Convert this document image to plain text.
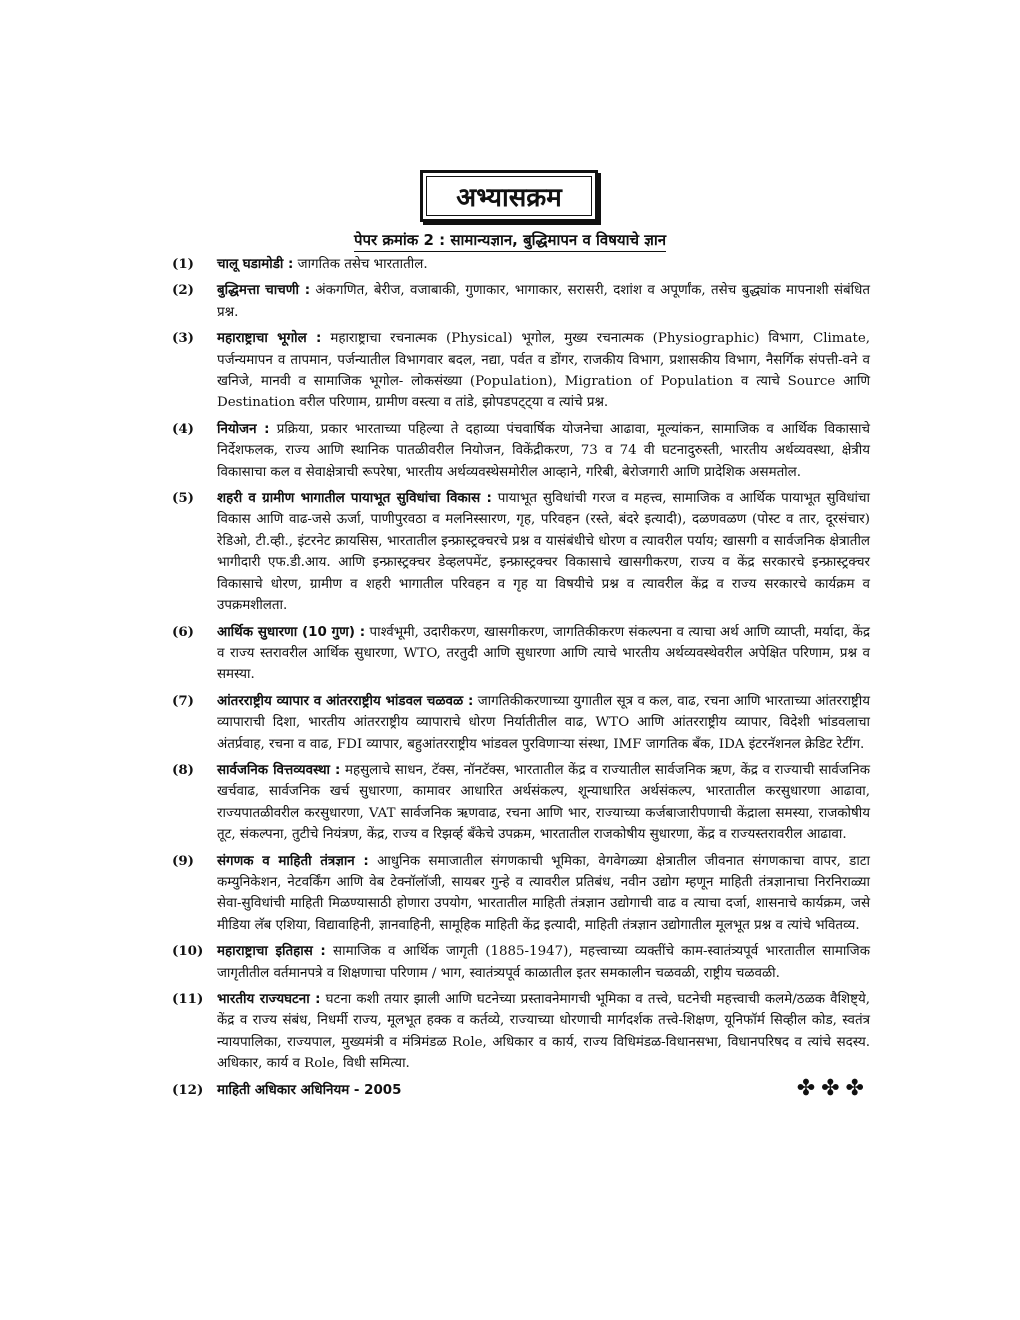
अभ्यासक्रम
पेपर क्रमांक 2 : सामान्यज्ञान, बुद्धिमापन व विषयाचे ज्ञान
(1)	चालू घडामोडी : जागतिक तसेच भारतातील.
(2)	बुद्धिमत्ता चाचणी : अंकगणित, बेरीज, वजाबाकी, गुणाकार, भागाकार, सरासरी, दशांश व अपूर्णांक, तसेच बुद्ध्यांक मापनाशी संबंधित प्रश्न.
(3)	महाराष्ट्राचा भूगोल : महाराष्ट्राचा रचनात्मक (Physical) भूगोल, मुख्य रचनात्मक (Physiographic) विभाग, Climate, पर्जन्यमापन व तापमान, पर्जन्यातील विभागवार बदल, नद्या, पर्वत व डोंगर, राजकीय विभाग, प्रशासकीय विभाग, नैसर्गिक संपत्ती-वने व खनिजे, मानवी व सामाजिक भूगोल- लोकसंख्या (Population), Migration of Population व त्याचे Source आणि Destination वरील परिणाम, ग्रामीण वस्त्या व तांडे, झोपडपट्ट्या व त्यांचे प्रश्न.
(4)	नियोजन : प्रक्रिया, प्रकार भारताच्या पहिल्या ते दहाव्या पंचवार्षिक योजनेचा आढावा, मूल्यांकन, सामाजिक व आर्थिक विकासाचे निर्देशफलक, राज्य आणि स्थानिक पातळीवरील नियोजन, विकेंद्रीकरण, 73 व 74 वी घटनादुरुस्ती, भारतीय अर्थव्यवस्था, क्षेत्रीय विकासाचा कल व सेवाक्षेत्राची रूपरेषा, भारतीय अर्थव्यवस्थेसमोरील आव्हाने, गरिबी, बेरोजगारी आणि प्रादेशिक असमतोल.
(5)	शहरी व ग्रामीण भागातील पायाभूत सुविधांचा विकास : पायाभूत सुविधांची गरज व महत्त्व, सामाजिक व आर्थिक पायाभूत सुविधांचा विकास आणि वाढ-जसे ऊर्जा, पाणीपुरवठा व मलनिस्सारण, गृह, परिवहन (रस्ते, बंदरे इत्यादी), दळणवळण (पोस्ट व तार, दूरसंचार) रेडिओ, टी.व्ही., इंटरनेट क्रायसिस, भारतातील इन्फ्रास्ट्रक्चरचे प्रश्न व यासंबंधीचे धोरण व त्यावरील पर्याय; खासगी व सार्वजनिक क्षेत्रातील भागीदारी एफ.डी.आय. आणि इन्फ्रास्ट्रक्चर डेव्हलपमेंट, इन्फ्रास्ट्रक्चर विकासाचे खासगीकरण, राज्य व केंद्र सरकारचे इन्फ्रास्ट्रक्चर विकासाचे धोरण, ग्रामीण व शहरी भागातील परिवहन व गृह या विषयीचे प्रश्न व त्यावरील केंद्र व राज्य सरकारचे कार्यक्रम व उपक्रमशीलता.
(6)	आर्थिक सुधारणा (10 गुण) : पार्श्वभूमी, उदारीकरण, खासगीकरण, जागतिकीकरण संकल्पना व त्याचा अर्थ आणि व्याप्ती, मर्यादा, केंद्र व राज्य स्तरावरील आर्थिक सुधारणा, WTO, तरतुदी आणि सुधारणा आणि त्याचे भारतीय अर्थव्यवस्थेवरील अपेक्षित परिणाम, प्रश्न व समस्या.
(7)	आंतरराष्ट्रीय व्यापार व आंतरराष्ट्रीय भांडवल चळवळ : जागतिकीकरणाच्या युगातील सूत्र व कल, वाढ, रचना आणि भारताच्या आंतरराष्ट्रीय व्यापाराची दिशा, भारतीय आंतरराष्ट्रीय व्यापाराचे धोरण निर्यातीतील वाढ, WTO आणि आंतरराष्ट्रीय व्यापार, विदेशी भांडवलाचा अंतर्प्रवाह, रचना व वाढ, FDI व्यापार, बहुआंतरराष्ट्रीय भांडवल पुरविणाऱ्या संस्था, IMF जागतिक बँक, IDA इंटरनॅशनल क्रेडिट रेटींग.
(8)	सार्वजनिक वित्तव्यवस्था : महसुलाचे साधन, टॅक्स, नॉनटॅक्स, भारतातील केंद्र व राज्यातील सार्वजनिक ऋण, केंद्र व राज्याची सार्वजनिक खर्चवाढ, सार्वजनिक खर्च सुधारणा, कामावर आधारित अर्थसंकल्प, शून्याधारित अर्थसंकल्प, भारतातील करसुधारणा आढावा, राज्यपातळीवरील करसुधारणा, VAT सार्वजनिक ऋणवाढ, रचना आणि भार, राज्याच्या कर्जबाजारीपणाची केंद्राला समस्या, राजकोषीय तूट, संकल्पना, तुटीचे नियंत्रण, केंद्र, राज्य व रिझर्व्ह बँकेचे उपक्रम, भारतातील राजकोषीय सुधारणा, केंद्र व राज्यस्तरावरील आढावा.
(9)	संगणक व माहिती तंत्रज्ञान : आधुनिक समाजातील संगणकाची भूमिका, वेगवेगळ्या क्षेत्रातील जीवनात संगणकाचा वापर, डाटा कम्युनिकेशन, नेटवर्किंग आणि वेब टेक्नॉलॉजी, सायबर गुन्हे व त्यावरील प्रतिबंध, नवीन उद्योग म्हणून माहिती तंत्रज्ञानाचा निरनिराळ्या सेवा-सुविधांची माहिती मिळण्यासाठी होणारा उपयोग, भारतातील माहिती तंत्रज्ञान उद्योगाची वाढ व त्याचा दर्जा, शासनाचे कार्यक्रम, जसे मीडिया लॅब एशिया, विद्यावाहिनी, ज्ञानवाहिनी, सामूहिक माहिती केंद्र इत्यादी, माहिती तंत्रज्ञान उद्योगातील मूलभूत प्रश्न व त्यांचे भवितव्य.
(10)	महाराष्ट्राचा इतिहास : सामाजिक व आर्थिक जागृती (1885-1947), महत्त्वाच्या व्यक्तींचे काम-स्वातंत्र्यपूर्व भारतातील सामाजिक जागृतीतील वर्तमानपत्रे व शिक्षणाचा परिणाम / भाग, स्वातंत्र्यपूर्व काळातील इतर समकालीन चळवळी, राष्ट्रीय चळवळी.
(11)	भारतीय राज्यघटना : घटना कशी तयार झाली आणि घटनेच्या प्रस्तावनेमागची भूमिका व तत्त्वे, घटनेची महत्त्वाची कलमे/ठळक वैशिष्ट्ये, केंद्र व राज्य संबंध, निधर्मी राज्य, मूलभूत हक्क व कर्तव्ये, राज्याच्या धोरणाची मार्गदर्शक तत्त्वे-शिक्षण, यूनिफॉर्म सिव्हील कोड, स्वतंत्र न्यायपालिका, राज्यपाल, मुख्यमंत्री व मंत्रिमंडळ Role, अधिकार व कार्य, राज्य विधिमंडळ-विधानसभा, विधानपरिषद व त्यांचे सदस्य. अधिकार, कार्य व Role, विधी समित्या.
(12)	माहिती अधिकार अधिनियम - 2005	✤✤✤
